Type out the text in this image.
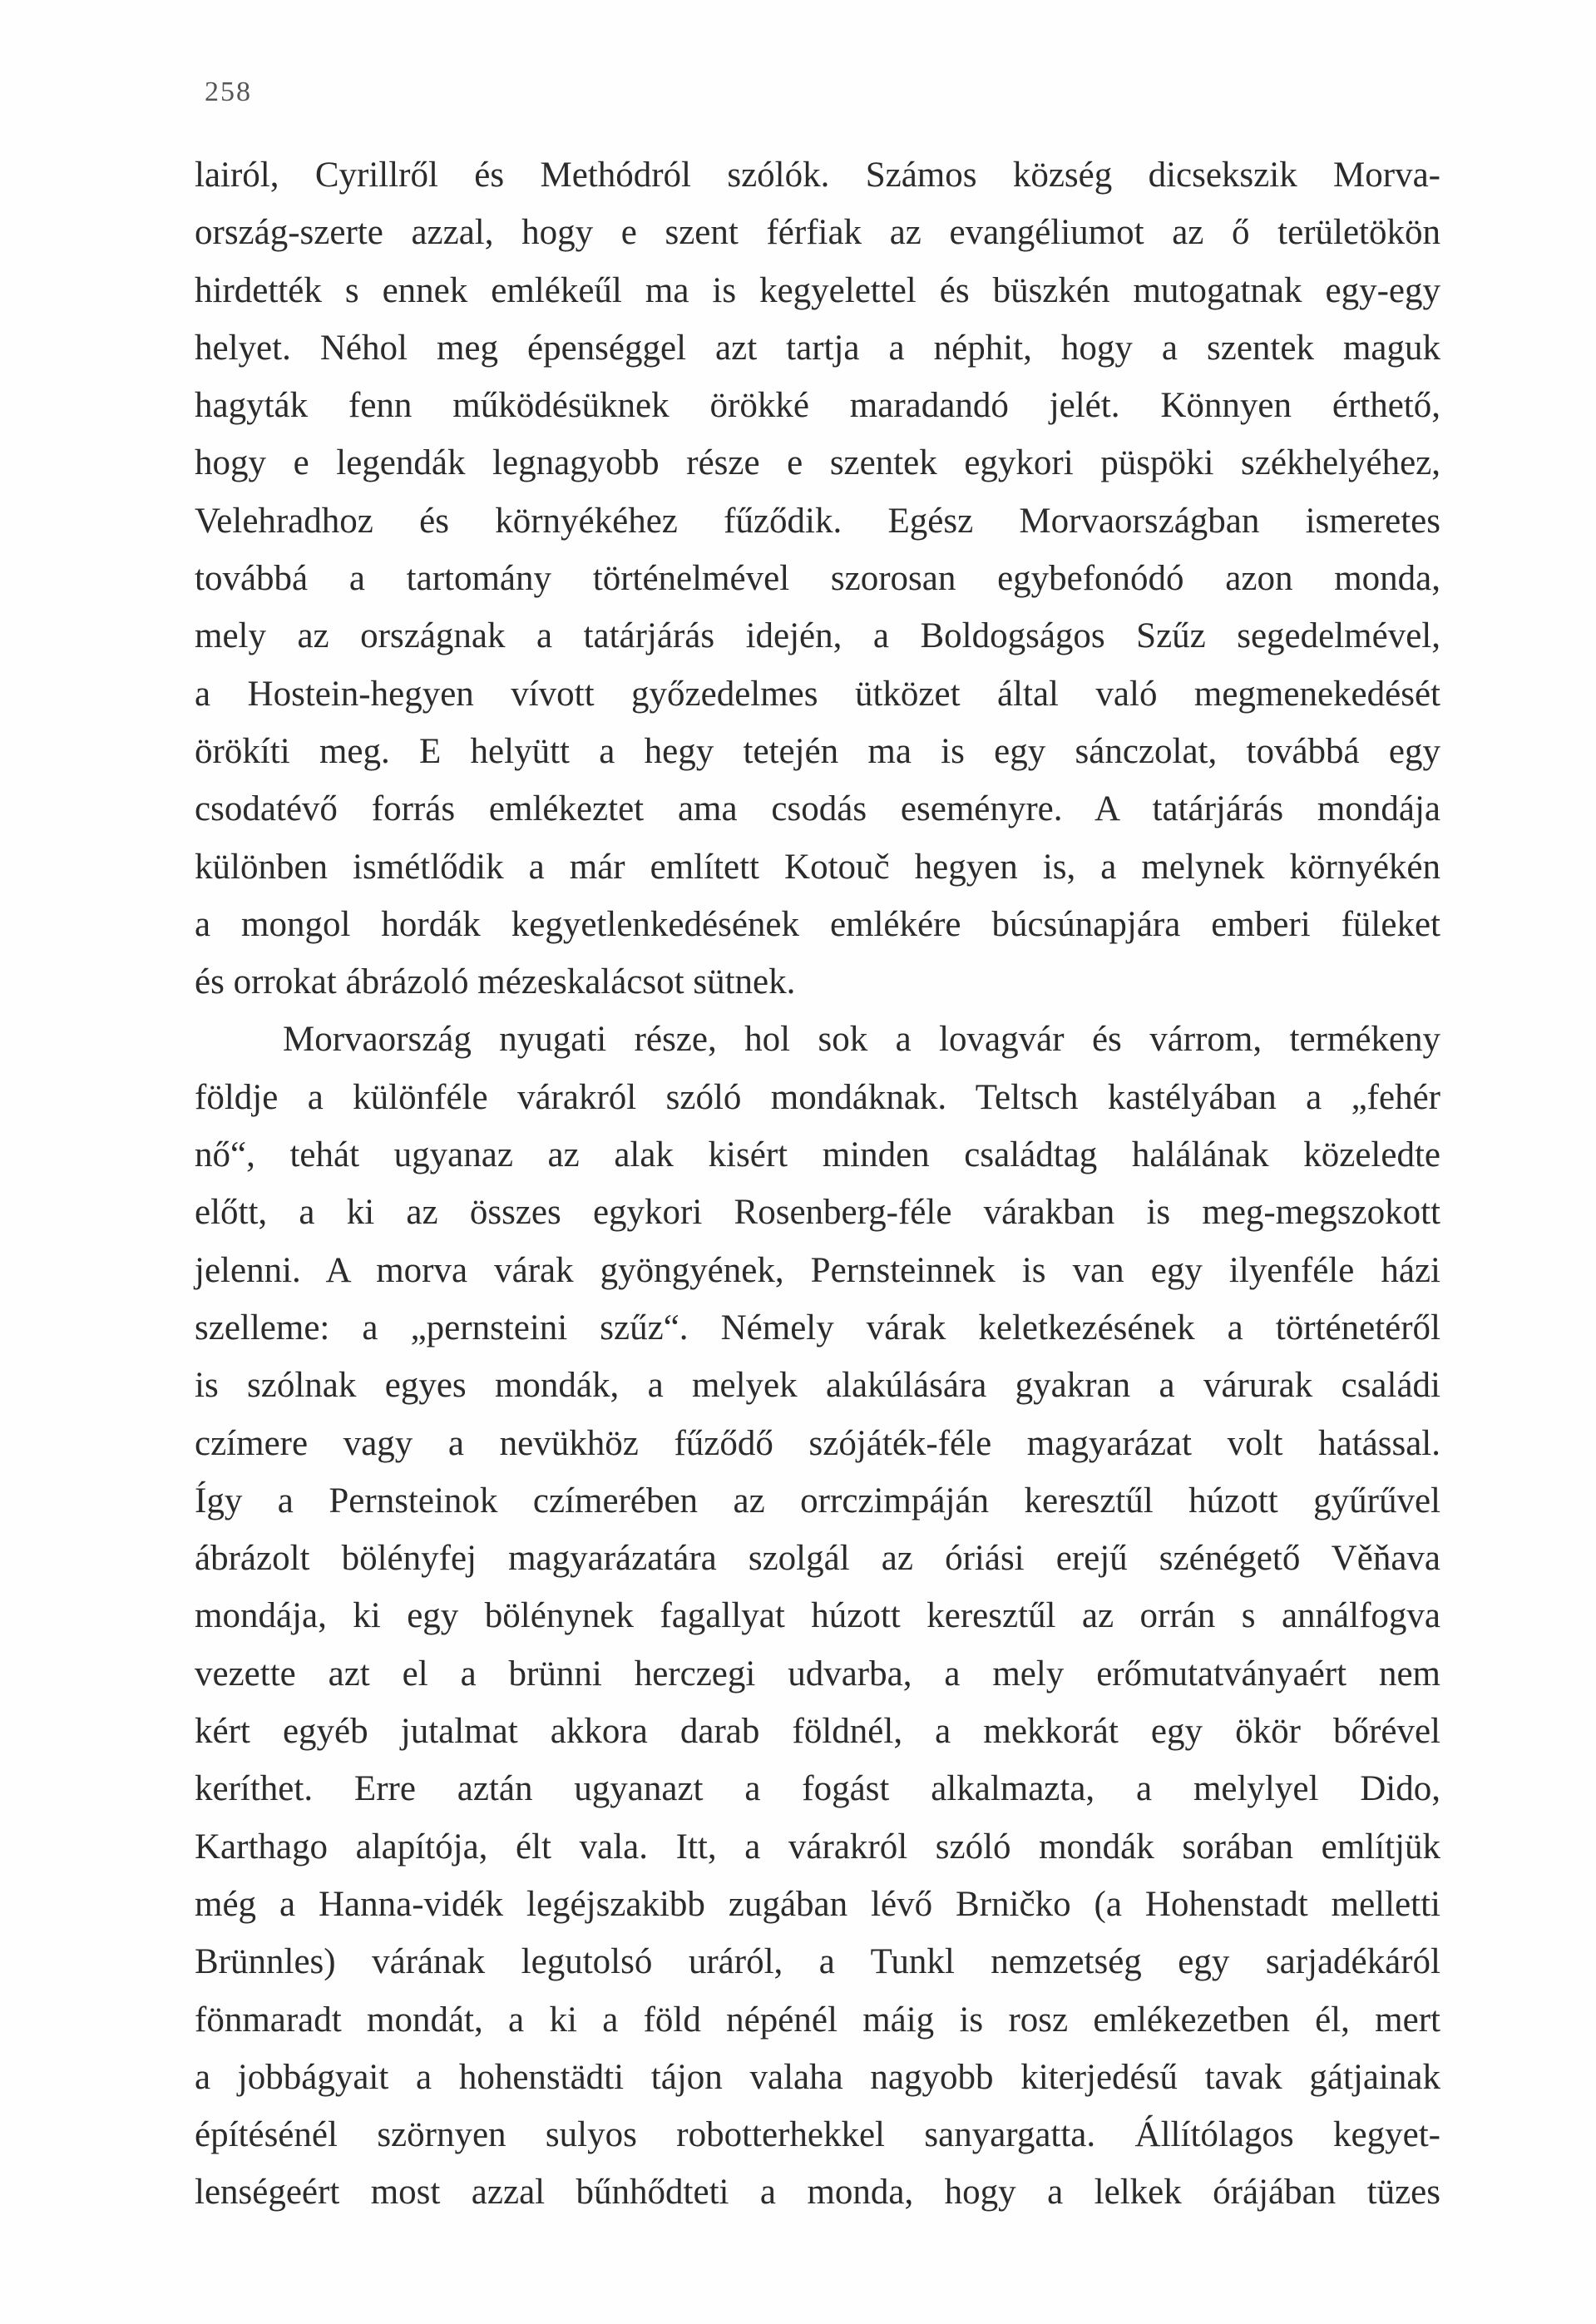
258
lairól, Cyrillről és Methódról szólók. Számos község dicsekszik Morva-
ország-szerte azzal, hogy e szent férfiak az evangéliumot az ő területökön
hirdették s ennek emlékeűl ma is kegyelettel és büszkén mutogatnak egy-egy
helyet. Néhol meg épenséggel azt tartja a néphit, hogy a szentek maguk
hagyták fenn működésüknek örökké maradandó jelét. Könnyen érthető,
hogy e legendák legnagyobb része e szentek egykori püspöki székhelyéhez,
Velehradhoz és környékéhez fűződik. Egész Morvaországban ismeretes
továbbá a tartomány történelmével szorosan egybefonódó azon monda,
mely az országnak a tatárjárás idején, a Boldogságos Szűz segedelmével,
a Hostein-hegyen vívott győzedelmes ütközet által való megmenekedését
örökíti meg. E helyütt a hegy tetején ma is egy sánczolat, továbbá egy
csodatévő forrás emlékeztet ama csodás eseményre. A tatárjárás mondája
különben ismétlődik a már említett Kotouč hegyen is, a melynek környékén
a mongol hordák kegyetlenkedésének emlékére búcsúnapjára emberi füleket
és orrokat ábrázoló mézeskalácsot sütnek.
Morvaország nyugati része, hol sok a lovagvár és várrom, termékeny
földje a különféle várakról szóló mondáknak. Teltsch kastélyában a „fehér
nő“, tehát ugyanaz az alak kisért minden családtag halálának közeledte
előtt, a ki az összes egykori Rosenberg-féle várakban is meg-megszokott
jelenni. A morva várak gyöngyének, Pernsteinnek is van egy ilyenféle házi
szelleme: a „pernsteini szűz“. Némely várak keletkezésének a történetéről
is szólnak egyes mondák, a melyek alakúlására gyakran a várurak családi
czímere vagy a nevükhöz fűződő szójáték-féle magyarázat volt hatással.
Így a Pernsteinok czímerében az orrczimpáján keresztűl húzott gyűrűvel
ábrázolt bölényfej magyarázatára szolgál az óriási erejű szénégető Věňava
mondája, ki egy bölénynek fagallyat húzott keresztűl az orrán s annálfogva
vezette azt el a brünni herczegi udvarba, a mely erőmutatványaért nem
kért egyéb jutalmat akkora darab földnél, a mekkorát egy ökör bőrével
keríthet. Erre aztán ugyanazt a fogást alkalmazta, a melylyel Dido,
Karthago alapítója, élt vala. Itt, a várakról szóló mondák sorában említjük
még a Hanna-vidék legéjszakibb zugában lévő Brničko (a Hohenstadt melletti
Brünnles) várának legutolsó uráról, a Tunkl nemzetség egy sarjadékáról
fönmaradt mondát, a ki a föld népénél máig is rosz emlékezetben él, mert
a jobbágyait a hohenstädti tájon valaha nagyobb kiterjedésű tavak gátjainak
építésénél szörnyen sulyos robotterhekkel sanyargatta. Állítólagos kegyet-
lenségeért most azzal bűnhődteti a monda, hogy a lelkek órájában tüzes
